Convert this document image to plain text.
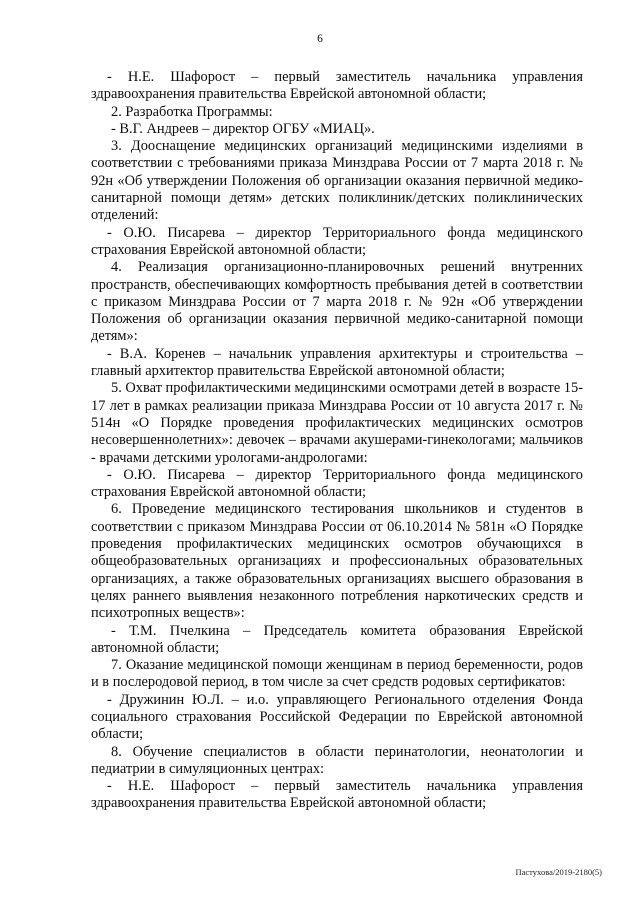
6

- Н.Е. Шафорост – первый заместитель начальника управления здравоохранения правительства Еврейской автономной области;

2. Разработка Программы:

- В.Г. Андреев – директор ОГБУ «МИАЦ».

3. Дооснащение медицинских организаций медицинскими изделиями в соответствии с требованиями приказа Минздрава России от 7 марта 2018 г. № 92н «Об утверждении Положения об организации оказания первичной медико-санитарной помощи детям» детских поликлиник/детских поликлинических отделений:

- О.Ю. Писарева – директор Территориального фонда медицинского страхования Еврейской автономной области;

4. Реализация организационно-планировочных решений внутренних пространств, обеспечивающих комфортность пребывания детей в соответствии с приказом Минздрава России от 7 марта 2018 г. № 92н «Об утверждении Положения об организации оказания первичной медико-санитарной помощи детям»:

- В.А. Коренев – начальник управления архитектуры и строительства – главный архитектор правительства Еврейской автономной области;

5. Охват профилактическими медицинскими осмотрами детей в возрасте 15-17 лет в рамках реализации приказа Минздрава России от 10 августа 2017 г. № 514н «О Порядке проведения профилактических медицинских осмотров несовершеннолетних»: девочек – врачами акушерами-гинекологами; мальчиков - врачами детскими урологами-андрологами:

- О.Ю. Писарева – директор Территориального фонда медицинского страхования Еврейской автономной области;

6. Проведение медицинского тестирования школьников и студентов в соответствии с приказом Минздрава России от 06.10.2014 № 581н «О Порядке проведения профилактических медицинских осмотров обучающихся в общеобразовательных организациях и профессиональных образовательных организациях, а также образовательных организациях высшего образования в целях раннего выявления незаконного потребления наркотических средств и психотропных веществ»:

- Т.М. Пчелкина – Председатель комитета образования Еврейской автономной области;

7. Оказание медицинской помощи женщинам в период беременности, родов и в послеродовой период, в том числе за счет средств родовых сертификатов:

- Дружинин Ю.Л. – и.о. управляющего Регионального отделения Фонда социального страхования Российской Федерации по Еврейской автономной области;

8. Обучение специалистов в области перинатологии, неонатологии и педиатрии в симуляционных центрах:

- Н.Е. Шафорост – первый заместитель начальника управления здравоохранения правительства Еврейской автономной области;

Пастухова/2019-2180(5)
